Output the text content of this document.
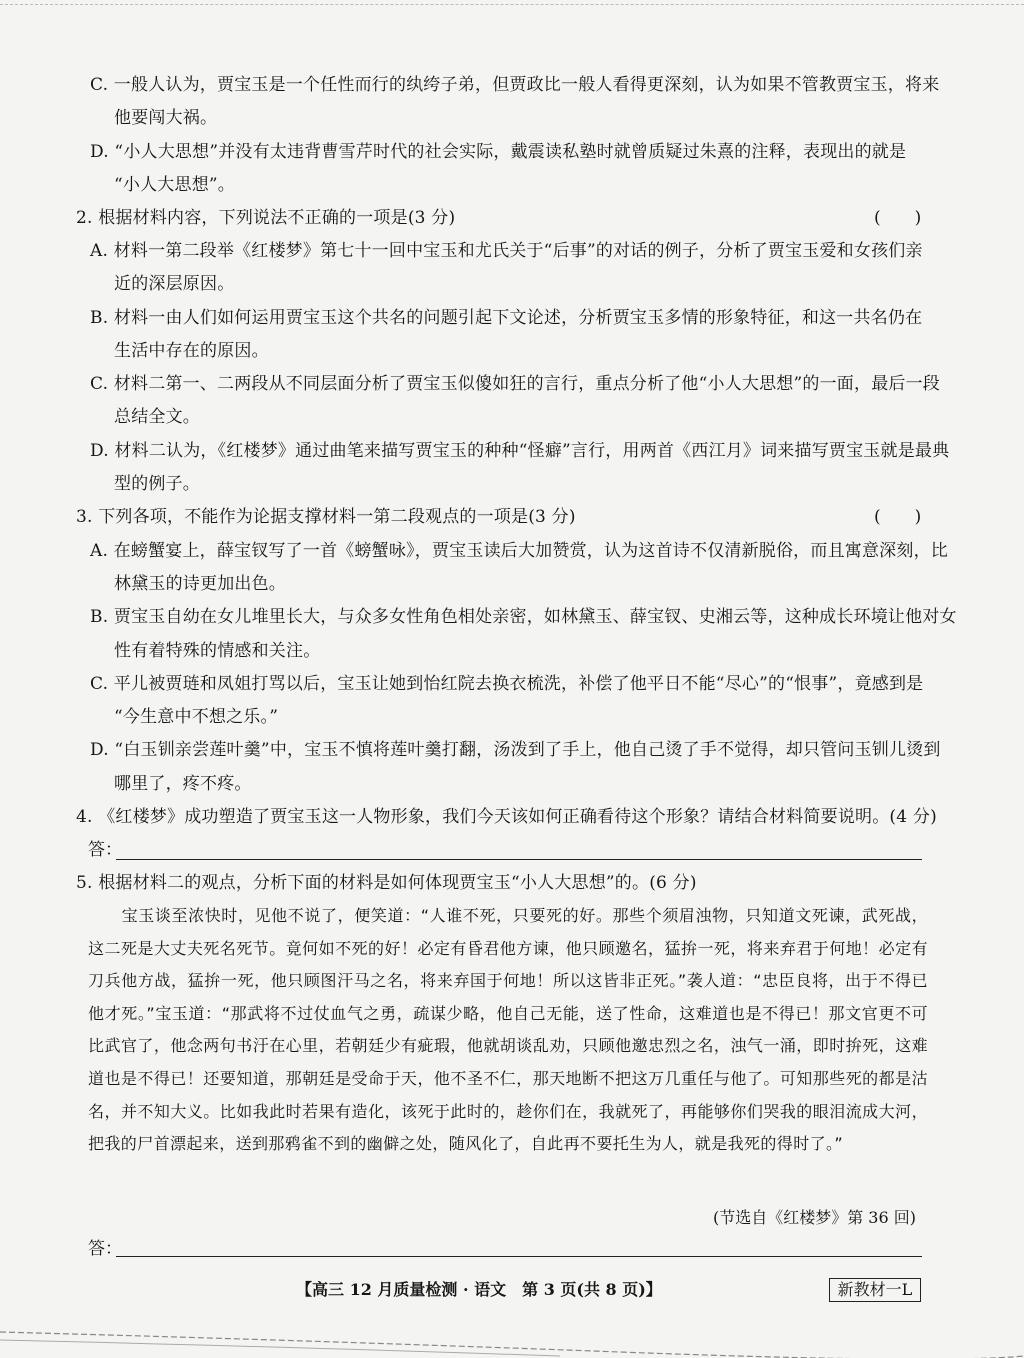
C. 一般人认为，贾宝玉是一个任性而行的纨绔子弟，但贾政比一般人看得更深刻，认为如果不管教贾宝玉，将来
他要闯大祸。
D. “小人大思想”并没有太违背曹雪芹时代的社会实际，戴震读私塾时就曾质疑过朱熹的注释，表现出的就是
“小人大思想”。
2. 根据材料内容，下列说法不正确的一项是(3 分)	(　　)
A. 材料一第二段举《红楼梦》第七十一回中宝玉和尤氏关于“后事”的对话的例子，分析了贾宝玉爱和女孩们亲
近的深层原因。
B. 材料一由人们如何运用贾宝玉这个共名的问题引起下文论述，分析贾宝玉多情的形象特征，和这一共名仍在
生活中存在的原因。
C. 材料二第一、二两段从不同层面分析了贾宝玉似傻如狂的言行，重点分析了他“小人大思想”的一面，最后一段
总结全文。
D. 材料二认为，《红楼梦》通过曲笔来描写贾宝玉的种种“怪癖”言行，用两首《西江月》词来描写贾宝玉就是最典
型的例子。
3. 下列各项，不能作为论据支撑材料一第二段观点的一项是(3 分)	(　　)
A. 在螃蟹宴上，薛宝钗写了一首《螃蟹咏》，贾宝玉读后大加赞赏，认为这首诗不仅清新脱俗，而且寓意深刻，比
林黛玉的诗更加出色。
B. 贾宝玉自幼在女儿堆里长大，与众多女性角色相处亲密，如林黛玉、薛宝钗、史湘云等，这种成长环境让他对女
性有着特殊的情感和关注。
C. 平儿被贾琏和凤姐打骂以后，宝玉让她到怡红院去换衣梳洗，补偿了他平日不能“尽心”的“恨事”，竟感到是
“今生意中不想之乐。”
D. “白玉钏亲尝莲叶羹”中，宝玉不慎将莲叶羹打翻，汤泼到了手上，他自己烫了手不觉得，却只管问玉钏儿烫到
哪里了，疼不疼。
4. 《红楼梦》成功塑造了贾宝玉这一人物形象，我们今天该如何正确看待这个形象？请结合材料简要说明。(4 分)
答：
5. 根据材料二的观点，分析下面的材料是如何体现贾宝玉“小人大思想”的。(6 分)
宝玉谈至浓快时，见他不说了，便笑道：“人谁不死，只要死的好。那些个须眉浊物，只知道文死谏，武死战，这二死是大丈夫死名死节。竟何如不死的好！必定有昏君他方谏，他只顾邀名，猛拚一死，将来弃君于何地！必定有刀兵他方战，猛拚一死，他只顾图汗马之名，将来弃国于何地！所以这皆非正死。”袭人道：“忠臣良将，出于不得已他才死。”宝玉道：“那武将不过仗血气之勇，疏谋少略，他自己无能，送了性命，这难道也是不得已！那文官更不可比武官了，他念两句书汙在心里，若朝廷少有疵瑕，他就胡谈乱劝，只顾他邀忠烈之名，浊气一涌，即时拚死，这难道也是不得已！还要知道，那朝廷是受命于天，他不圣不仁，那天地断不把这万几重任与他了。可知那些死的都是沽名，并不知大义。比如我此时若果有造化，该死于此时的，趁你们在，我就死了，再能够你们哭我的眼泪流成大河，把我的尸首漂起来，送到那鸦雀不到的幽僻之处，随风化了，自此再不要托生为人，就是我死的得时了。”
(节选自《红楼梦》第 36 回)
答：
【高三 12 月质量检测 · 语文　第 3 页(共 8 页)】	新教材一L
